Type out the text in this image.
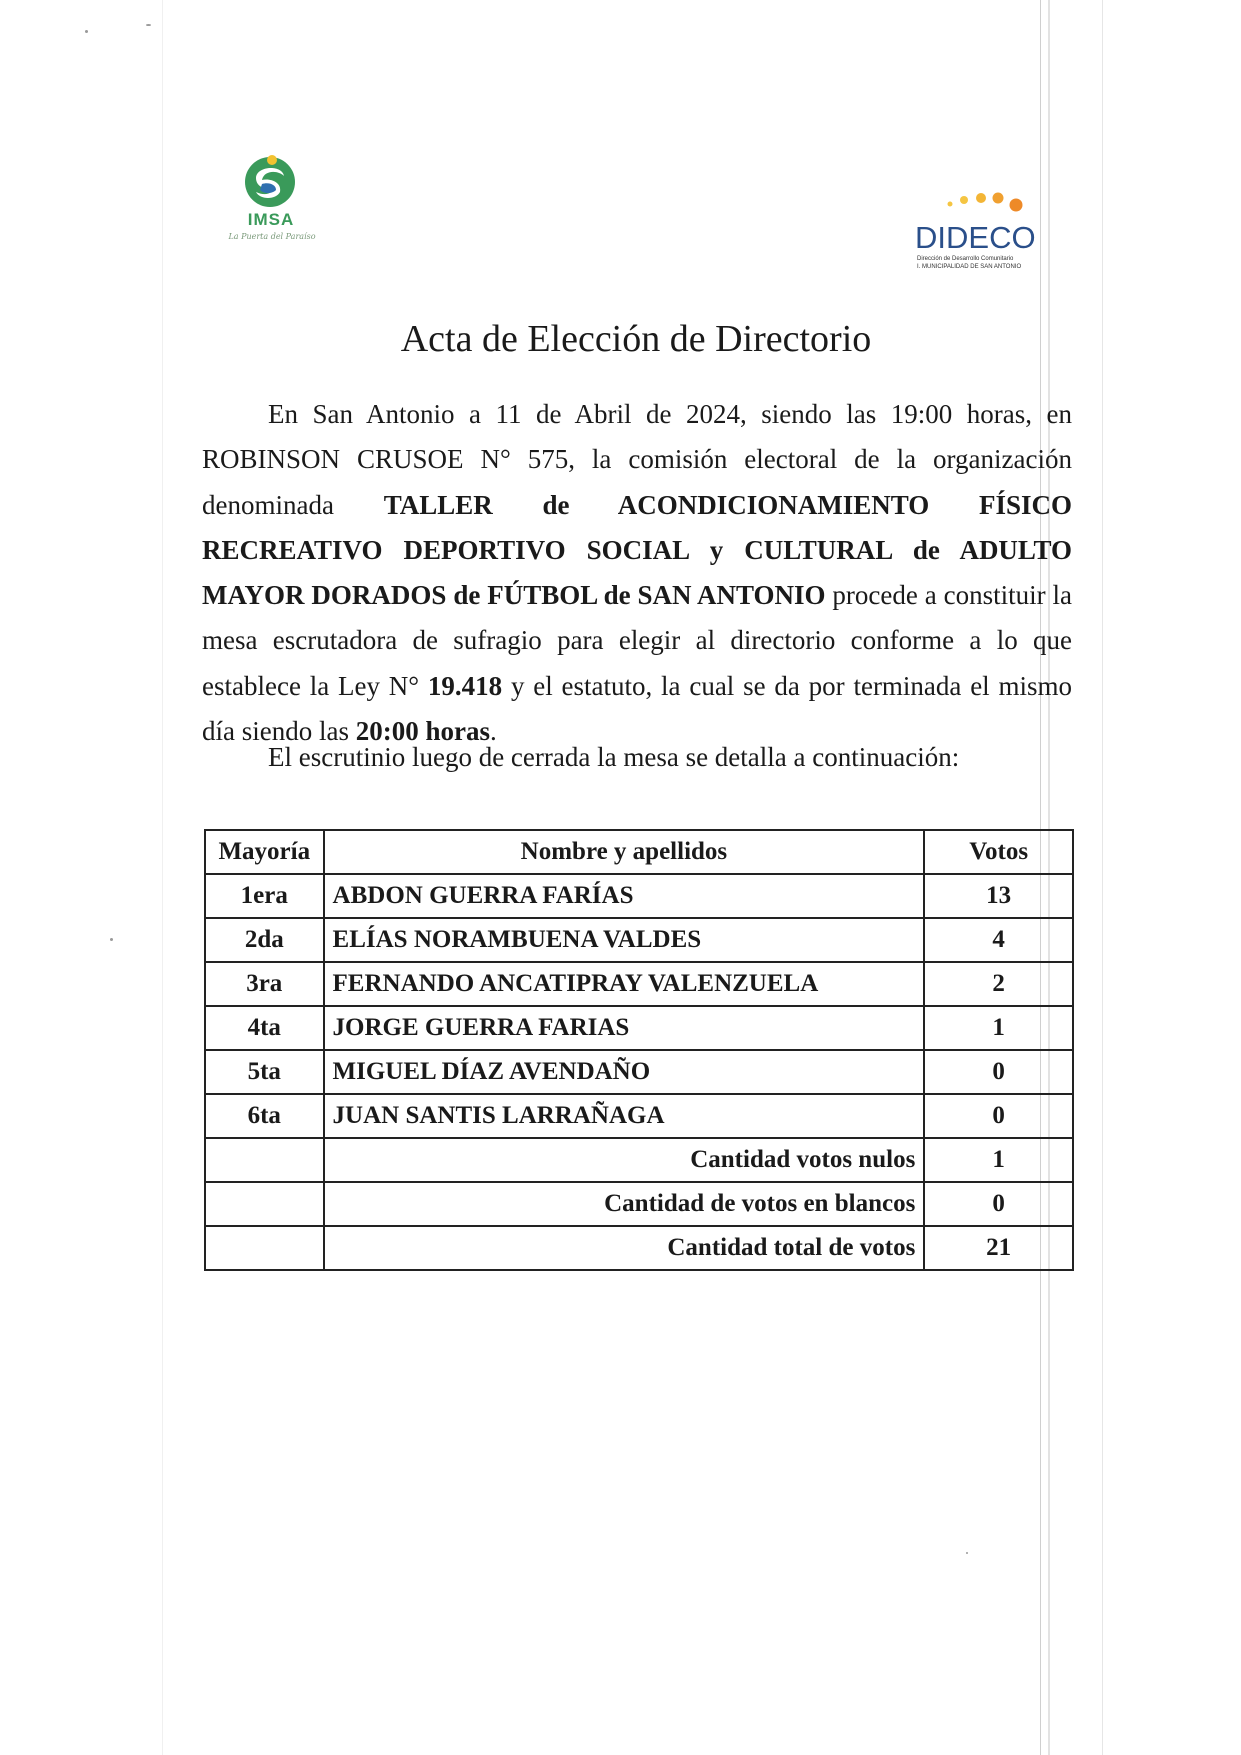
IMSA
La Puerta del Paraíso	DIDECO
Dirección de Desarrollo Comunitario
I. MUNICIPALIDAD DE SAN ANTONIO
Acta de Elección de Directorio

En San Antonio a 11 de Abril de 2024, siendo las 19:00 horas, en ROBINSON CRUSOE N° 575, la comisión electoral de la organización denominada TALLER de ACONDICIONAMIENTO FÍSICO RECREATIVO DEPORTIVO SOCIAL y CULTURAL de ADULTO MAYOR DORADOS de FÚTBOL de SAN ANTONIO procede a constituir la mesa escrutadora de sufragio para elegir al directorio conforme a lo que establece la Ley N° 19.418 y el estatuto, la cual se da por terminada el mismo día siendo las 20:00 horas.

El escrutinio luego de cerrada la mesa se detalla a continuación:
Mayoría	Nombre y apellidos	Votos
1era	ABDON GUERRA FARÍAS	13
2da	ELÍAS NORAMBUENA VALDES	4
3ra	FERNANDO ANCATIPRAY VALENZUELA	2
4ta	JORGE GUERRA FARIAS	1
5ta	MIGUEL DÍAZ AVENDAÑO	0
6ta	JUAN SANTIS LARRAÑAGA	0
	Cantidad votos nulos	1
	Cantidad de votos en blancos	0
	Cantidad total de votos	21
